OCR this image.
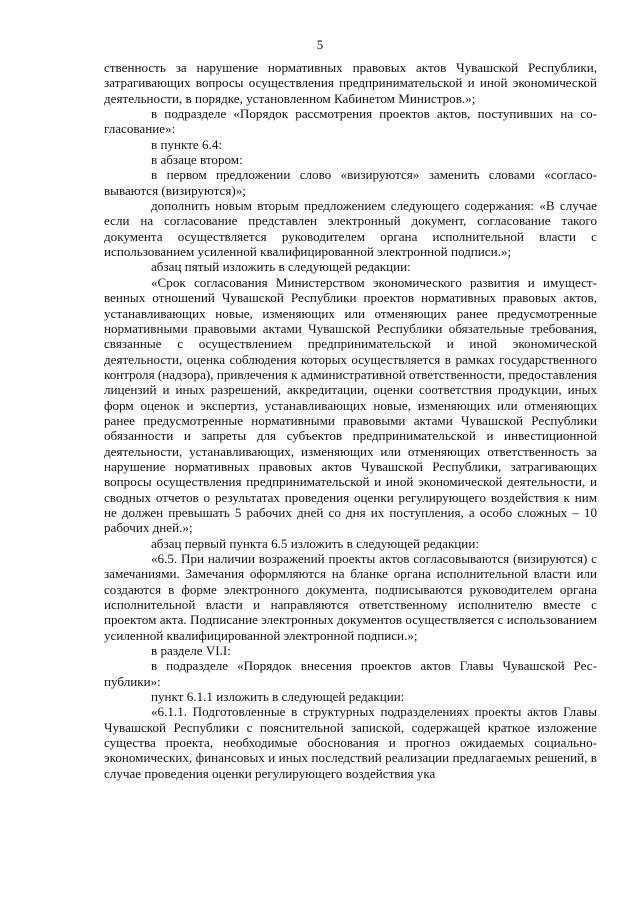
5

ственность за нарушение нормативных правовых актов Чувашской Республики, затрагивающих вопросы осуществления предпринимательской и иной экономической деятельности, в порядке, установленном Кабинетом Министров.»;

в подразделе «Порядок рассмотрения проектов актов, поступивших на согласование»:

в пункте 6.4:

в абзаце втором:

в первом предложении слово «визируются» заменить словами «согласовываются (визируются)»;

дополнить новым вторым предложением следующего содержания: «В случае если на согласование представлен электронный документ, согласование такого документа осуществляется руководителем органа исполнительной власти с использованием усиленной квалифицированной электронной подписи.»;

абзац пятый изложить в следующей редакции:

«Срок согласования Министерством экономического развития и имущественных отношений Чувашской Республики проектов нормативных правовых актов, устанавливающих новые, изменяющих или отменяющих ранее предусмотренные нормативными правовыми актами Чувашской Республики обязательные требования, связанные с осуществлением предпринимательской и иной экономической деятельности, оценка соблюдения которых осуществляется в рамках государственного контроля (надзора), привлечения к административной ответственности, предоставления лицензий и иных разрешений, аккредитации, оценки соответствия продукции, иных форм оценок и экспертиз, устанавливающих новые, изменяющих или отменяющих ранее предусмотренные нормативными правовыми актами Чувашской Республики обязанности и запреты для субъектов предпринимательской и инвестиционной деятельности, устанавливающих, изменяющих или отменяющих ответственность за нарушение нормативных правовых актов Чувашской Республики, затрагивающих вопросы осуществления предпринимательской и иной экономической деятельности, и сводных отчетов о результатах проведения оценки регулирующего воздействия к ним не должен превышать 5 рабочих дней со дня их поступления, а особо сложных – 10 рабочих дней.»;

абзац первый пункта 6.5 изложить в следующей редакции:

«6.5. При наличии возражений проекты актов согласовываются (визируются) с замечаниями. Замечания оформляются на бланке органа исполнительной власти или создаются в форме электронного документа, подписываются руководителем органа исполнительной власти и направляются ответственному исполнителю вместе с проектом акта. Подписание электронных документов осуществляется с использованием усиленной квалифицированной электронной подписи.»;

в разделе VI.I:

в подразделе «Порядок внесения проектов актов Главы Чувашской Республики»:

пункт 6.1.1 изложить в следующей редакции:

«6.1.1. Подготовленные в структурных подразделениях проекты актов Главы Чувашской Республики с пояснительной запиской, содержащей краткое изложение существа проекта, необходимые обоснования и прогноз ожидаемых социально-экономических, финансовых и иных последствий реализации предлагаемых решений, в случае проведения оценки регулирующего воздействия ука
